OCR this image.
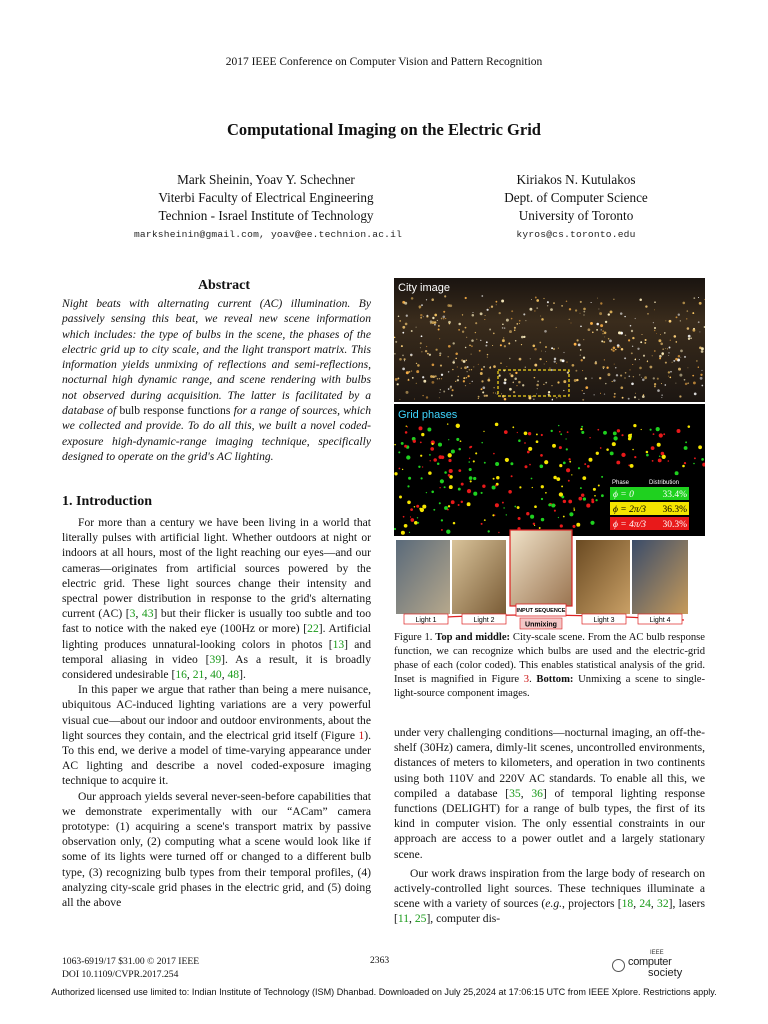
2017 IEEE Conference on Computer Vision and Pattern Recognition
Computational Imaging on the Electric Grid
Mark Sheinin, Yoav Y. Schechner
Viterbi Faculty of Electrical Engineering
Technion - Israel Institute of Technology
marksheinin@gmail.com, yoav@ee.technion.ac.il
Kiriakos N. Kutulakos
Dept. of Computer Science
University of Toronto
kyros@cs.toronto.edu
Abstract
Night beats with alternating current (AC) illumination. By passively sensing this beat, we reveal new scene information which includes: the type of bulbs in the scene, the phases of the electric grid up to city scale, and the light transport matrix. This information yields unmixing of reflections and semi-reflections, nocturnal high dynamic range, and scene rendering with bulbs not observed during acquisition. The latter is facilitated by a database of bulb response functions for a range of sources, which we collected and provide. To do all this, we built a novel coded-exposure high-dynamic-range imaging technique, specifically designed to operate on the grid's AC lighting.
1. Introduction

For more than a century we have been living in a world that literally pulses with artificial light. Whether outdoors at night or indoors at all hours, most of the light reaching our eyes—and our cameras—originates from artificial sources powered by the electric grid. These light sources change their intensity and spectral power distribution in response to the grid's alternating current (AC) [3, 43] but their flicker is usually too subtle and too fast to notice with the naked eye (100Hz or more) [22]. Artificial lighting produces unnatural-looking colors in photos [13] and temporal aliasing in video [39]. As a result, it is broadly considered undesirable [16, 21, 40, 48].

In this paper we argue that rather than being a mere nuisance, ubiquitous AC-induced lighting variations are a very powerful visual cue—about our indoor and outdoor environments, about the light sources they contain, and the electrical grid itself (Figure 1). To this end, we derive a model of time-varying appearance under AC lighting and describe a novel coded-exposure imaging technique to acquire it.

Our approach yields several never-seen-before capabilities that we demonstrate experimentally with our “ACam” camera prototype: (1) acquiring a scene's transport matrix by passive observation only, (2) computing what a scene would look like if some of its lights were turned off or changed to a different bulb type, (3) recognizing bulb types from their temporal profiles, (4) analyzing city-scale grid phases in the electric grid, and (5) doing all the above

City image
Grid phases
Phase	Distribution
ϕ = 0	33.4%
ϕ = 2π/3 36.3%
ϕ = 4π/3 30.3%
INPUT SEQUENCE
Unmixing
Light 1	Light 2	Light 3	Light 4
Figure 1. Top and middle: City-scale scene. From the AC bulb response function, we can recognize which bulbs are used and the electric-grid phase of each (color coded). This enables statistical analysis of the grid. Inset is magnified in Figure 3. Bottom: Unmixing a scene to single-light-source component images.

under very challenging conditions—nocturnal imaging, an off-the-shelf (30Hz) camera, dimly-lit scenes, uncontrolled environments, distances of meters to kilometers, and operation in two continents using both 110V and 220V AC standards. To enable all this, we compiled a database [35, 36] of temporal lighting response functions (DELIGHT) for a range of bulb types, the first of its kind in computer vision. The only essential constraints in our approach are access to a power outlet and a largely stationary scene.

Our work draws inspiration from the large body of research on actively-controlled light sources. These techniques illuminate a scene with a variety of sources (e.g., projectors [18, 24, 32], lasers [11, 25], computer dis-

1063-6919/17 $31.00 © 2017 IEEE
DOI 10.1109/CVPR.2017.254
2363
IEEE
computer
society
Authorized licensed use limited to: Indian Institute of Technology (ISM) Dhanbad. Downloaded on July 25,2024 at 17:06:15 UTC from IEEE Xplore. Restrictions apply.
